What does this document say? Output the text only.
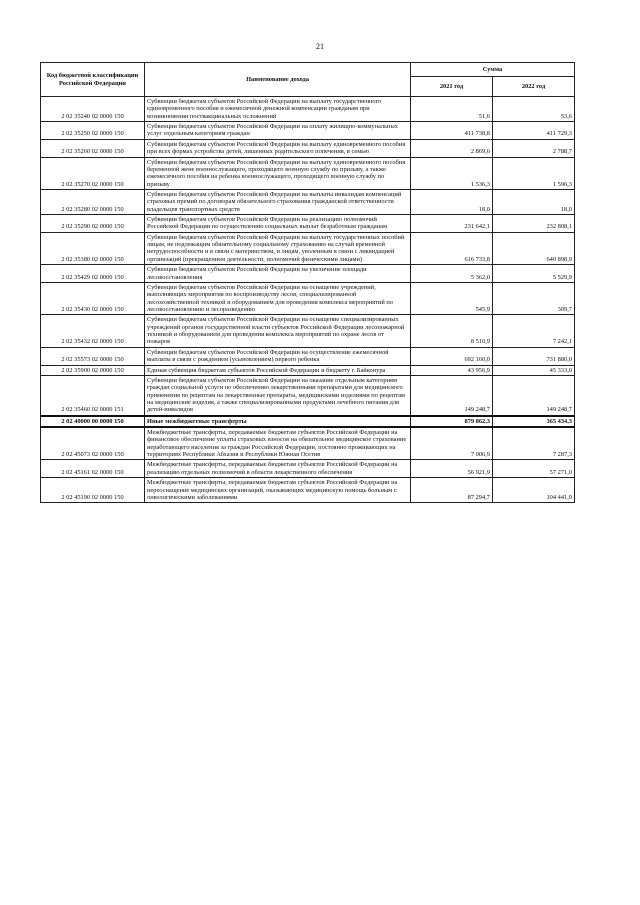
21
Код бюджетной классификации Российской Федерации	Наименование дохода	Сумма	
		2021 год	2022 год
2 02 35240 02 0000 150	Субвенции бюджетам субъектов Российской Федерации на выплату государственного единовременного пособия и ежемесячной денежной компенсации гражданам при возникновении поствакцинальных осложнений	51,6	53,6
2 02 35250 02 0000 150	Субвенции бюджетам субъектов Российской Федерации на оплату жилищно-коммунальных услуг отдельным категориям граждан	411 738,8	411 729,3
2 02 35260 02 0000 150	Субвенции бюджетам субъектов Российской Федерации на выплату единовременного пособия при всех формах устройства детей, лишенных родительского попечения, в семью	2 869,6	2 788,7
2 02 35270 02 0000 150	Субвенции бюджетам субъектов Российской Федерации на выплату единовременного пособия беременной жене военнослужащего, проходящего военную службу по призыву, а также ежемесячного пособия на ребенка военнослужащего, проходящего военную службу по призыву	1 536,3	1 596,3
2 02 35280 02 0000 150	Субвенции бюджетам субъектов Российской Федерации на выплаты инвалидам компенсаций страховых премий по договорам обязательного страхования гражданской ответственности владельцев транспортных средств	18,0	18,0
2 02 35290 02 0000 150	Субвенции бюджетам субъектов Российской Федерации на реализацию полномочий Российской Федерации по осуществлению социальных выплат безработным гражданам	231 642,1	232 808,1
2 02 35380 02 0000 150	Субвенции бюджетам субъектов Российской Федерации на выплату государственных пособий лицам, не подлежащим обязательному социальному страхованию на случай временной нетрудоспособности и в связи с материнством, и лицам, уволенным в связи с ликвидацией организаций (прекращением деятельности, полномочий физическими лицами)	616 733,8	640 898,9
2 02 35429 02 0000 150	Субвенции бюджетам субъектов Российской Федерации на увеличение площади лесовосстановления	5 362,0	5 529,9
2 02 35430 02 0000 150	Субвенции бюджетам субъектов Российской Федерации на оснащение учреждений, выполняющих мероприятия по воспроизводству лесов, специализированной лесохозяйственной техникой и оборудованием для проведения комплекса мероприятий по лесовосстановлению и лесоразведению	545,9	309,7
2 02 35432 02 0000 150	Субвенции бюджетам субъектов Российской Федерации на оснащение специализированных учреждений органов государственной власти субъектов Российской Федерации лесопожарной техникой и оборудованием для проведения комплекса мероприятий по охране лесов от пожаров	8 510,9	7 242,1
2 02 35573 02 0000 150	Субвенции бюджетам субъектов Российской Федерации на осуществление ежемесячной выплаты в связи с рождением (усыновлением) первого ребенка	692 160,0	731 880,0
2 02 35900 02 0000 150	Единая субвенция бюджетам субъектов Российской Федерации и бюджету г. Байконура	43 956,9	45 333,0
2 02 35460 02 0000 151	Субвенции бюджетам субъектов Российской Федерации на оказание отдельным категориям граждан социальной услуги по обеспечению лекарственными препаратами для медицинского применения по рецептам на лекарственные препараты, медицинскими изделиями по рецептам на медицинские изделия, а также специализированными продуктами лечебного питания для детей-инвалидов	149 248,7	149 248,7
2 02 40000 00 0000 150	Иные межбюджетные трансферты	879 862,3	365 434,3
2 02 45073 02 0000 150	Межбюджетные трансферты, передаваемые бюджетам субъектов Российской Федерации на финансовое обеспечение уплаты страховых взносов на обязательное медицинское страхование неработающего населения за граждан Российской Федерации, постоянно проживающих на территориях Республики Абхазия и Республики Южная Осетия	7 006,9	7 287,3
2 02 45161 02 0000 150	Межбюджетные трансферты, передаваемые бюджетам субъектов Российской Федерации на реализацию отдельных полномочий в области лекарственного обеспечения	56 921,9	57 271,0
2 02 45190 02 0000 150	Межбюджетные трансферты, передаваемые бюджетам субъектов Российской Федерации на переоснащение медицинских организаций, оказывающих медицинскую помощь больным с онкологическими заболеваниями	87 294,7	104 441,9
